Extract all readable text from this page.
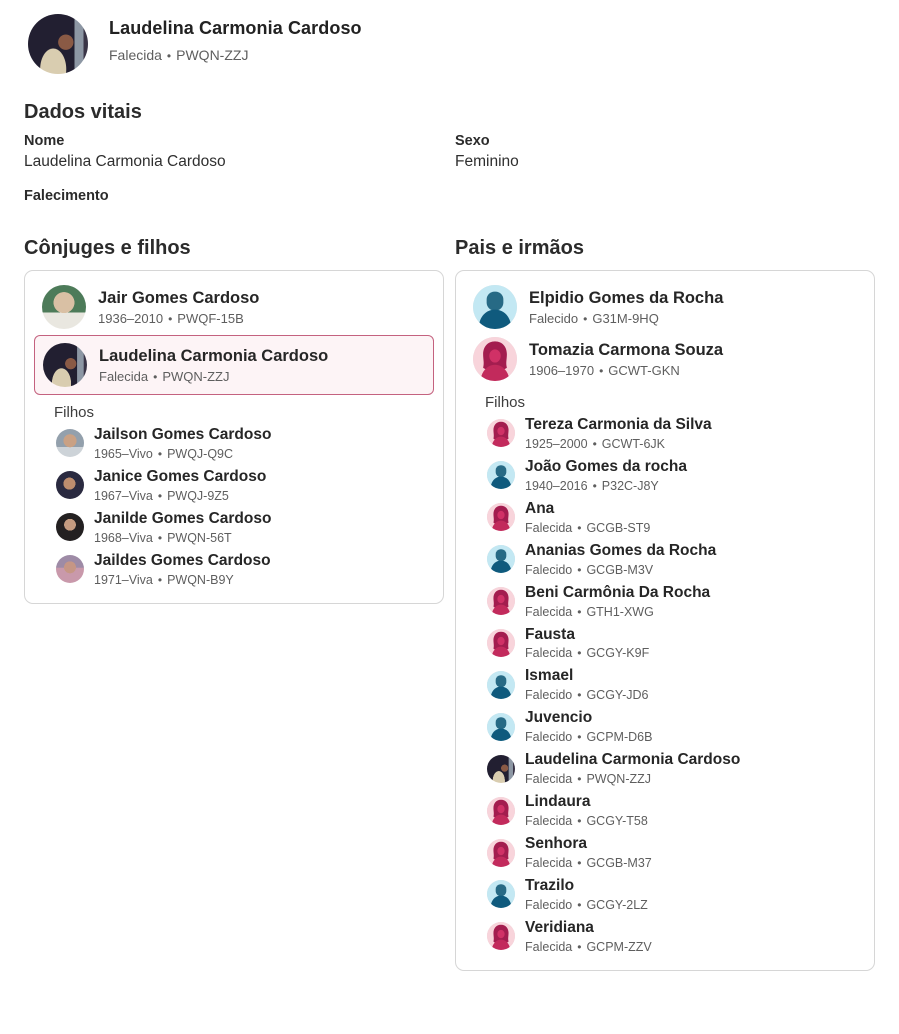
Laudelina Carmonia Cardoso
Falecida • PWQN-ZZJ
Dados vitais
Nome
Laudelina Carmonia Cardoso
Sexo
Feminino
Falecimento
Cônjuges e filhos
Jair Gomes Cardoso
1936–2010 • PWQF-15B
Laudelina Carmonia Cardoso
Falecida • PWQN-ZZJ
Filhos
Jailson Gomes Cardoso
1965–Vivo • PWQJ-Q9C
Janice Gomes Cardoso
1967–Viva • PWQJ-9Z5
Janilde Gomes Cardoso
1968–Viva • PWQN-56T
Jaildes Gomes Cardoso
1971–Viva • PWQN-B9Y
Pais e irmãos
Elpidio Gomes da Rocha
Falecido • G31M-9HQ
Tomazia Carmona Souza
1906–1970 • GCWT-GKN
Filhos
Tereza Carmonia da Silva
1925–2000 • GCWT-6JK
João Gomes da rocha
1940–2016 • P32C-J8Y
Ana
Falecida • GCGB-ST9
Ananias Gomes da Rocha
Falecido • GCGB-M3V
Beni Carmônia Da Rocha
Falecida • GTH1-XWG
Fausta
Falecida • GCGY-K9F
Ismael
Falecido • GCGY-JD6
Juvencio
Falecido • GCPM-D6B
Laudelina Carmonia Cardoso
Falecida • PWQN-ZZJ
Lindaura
Falecida • GCGY-T58
Senhora
Falecida • GCGB-M37
Trazilo
Falecido • GCGY-2LZ
Veridiana
Falecida • GCPM-ZZV
